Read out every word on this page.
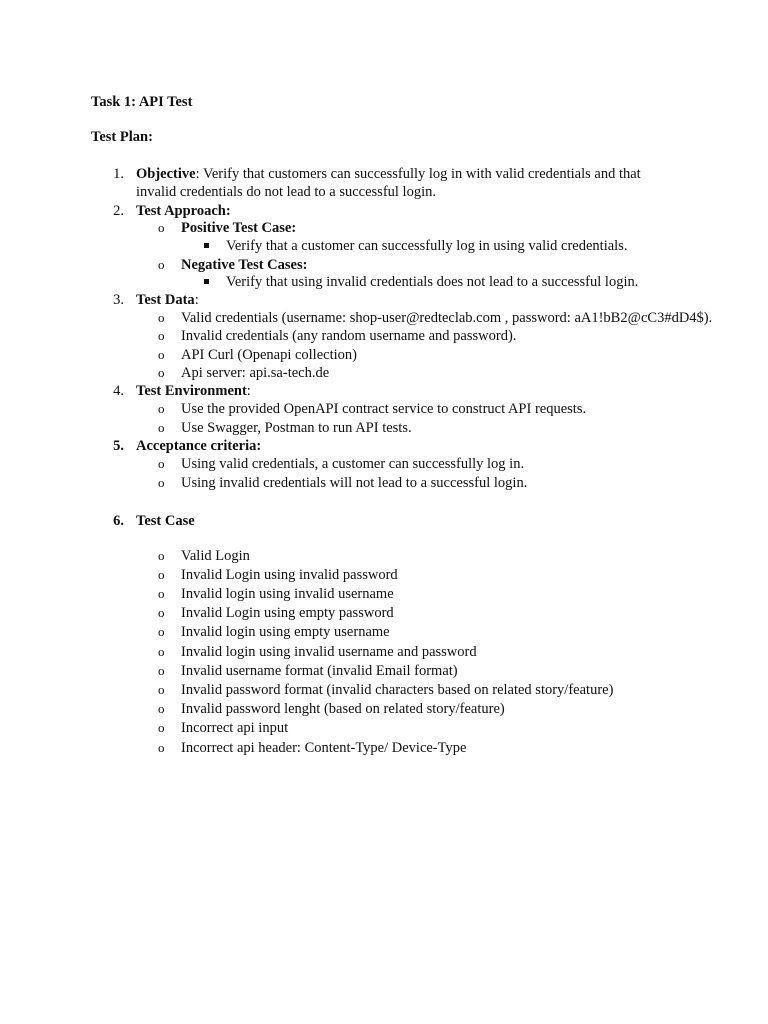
Task 1: API Test
Test Plan:
1. Objective: Verify that customers can successfully log in with valid credentials and that
invalid credentials do not lead to a successful login.
2. Test Approach:
o Positive Test Case:
Verify that a customer can successfully log in using valid credentials.
o Negative Test Cases:
Verify that using invalid credentials does not lead to a successful login.
3. Test Data:
o Valid credentials (username: shop-user@redteclab.com , password: aA1!bB2@cC3#dD4$).
o Invalid credentials (any random username and password).
o API Curl (Openapi collection)
o Api server: api.sa-tech.de
4. Test Environment:
o Use the provided OpenAPI contract service to construct API requests.
o Use Swagger, Postman to run API tests.
5. Acceptance criteria:
o Using valid credentials, a customer can successfully log in.
o Using invalid credentials will not lead to a successful login.
6. Test Case
o Valid Login
o Invalid Login using invalid password
o Invalid login using invalid username
o Invalid Login using empty password
o Invalid login using empty username
o Invalid login using invalid username and password
o Invalid username format (invalid Email format)
o Invalid password format (invalid characters based on related story/feature)
o Invalid password lenght (based on related story/feature)
o Incorrect api input
o Incorrect api header: Content-Type/ Device-Type
